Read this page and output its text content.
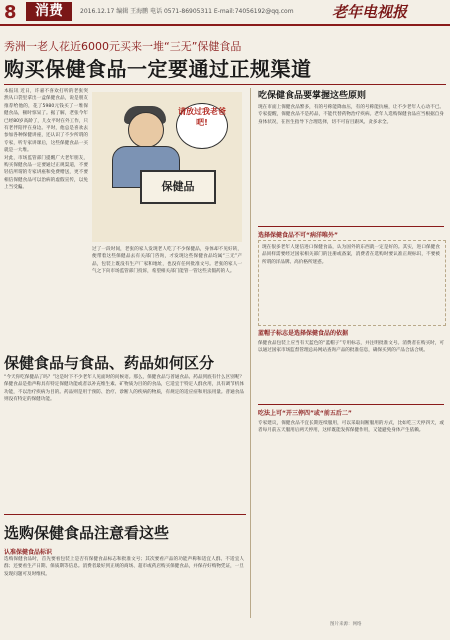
8	消费	2016.12.17 编辑 王海鹏 电话 0571-86905311 E-mail:74056192@qq.com	老年电视报
秀洲一老人花近6000元买来一堆“三无”保健食品
购买保健食品一定要通过正规渠道

本报讯 近日，许嘉不喜欢打听的老张突然从口袋里拿出一盒保健食品，说是朋友推荐给他的，花了5980元钱买了一堆保健食品，顿时惊呆了。据了解，老张今年已经80岁高龄了，儿女平时在外工作，只有老伴陪伴在身边。平时，他总是喜欢去参加各种保健讲座，还认识了不少所谓的专家，听专家讲课后，这些保健食品一买就是一大堆。

对此，市场监管部门提醒广大老年朋友，购买保健食品一定要通过正规渠道，不要轻信所谓的专家讲座和免费赠送，更不要相信保健食品可以治病的虚假宣传，以免上当受骗。	保健品
请放过我老爸吧!

过了一段时间，老张的家人发现老人吃了不少保健品，身体却不见好转，便带着这些保健品去有关部门咨询，才发现这些保健食品均属“三无”产品，包装上既没有生产厂家和地址，也没有任何批准文号。老张的家人一气之下向市场监管部门投诉，希望相关部门能管一管这些卖假药的人。

吃保健食品要掌握这些原则

现在市面上保健食品繁多，有的号称能降血压，有的号称能抗癌，让不少老年人心动不已。专家提醒，保健食品不是药品，不能代替药物治疗疾病。老年人选购保健食品应当根据自身身体状况，在医生指导下合理选择，切不可盲目跟风、贪多求全。

选择保健食品不可“病洋唯外”

现在很多老年人迷信进口保健食品，认为国外的东西就一定是好的。其实，进口保健食品同样需要经过国家相关部门的注册或备案，消费者在选购时要认准正规标识，不要被所谓的洋品牌、高价格所迷惑。

蓝帽子标志是选择保健食品的依据

保健食品包装上应当有天蓝色的“蓝帽子”专用标志，并注明批准文号。消费者在购买时，可以通过国家市场监督管理总局网站查询产品的批准信息，确保买到的产品合法合规。

保健食品与食品、药品如何区分

“今天你吃保健品了吗？”这是时下不少老年人见面时的问候语。那么，保健食品与普通食品、药品到底有什么区别呢？保健食品是指声称具有特定保健功能或者以补充维生素、矿物质为目的的食品，它适宜于特定人群食用，具有调节机体功能，不以治疗疾病为目的。药品则是用于预防、治疗、诊断人的疾病的物质，有规定的适应症和用法用量。普通食品则没有特定的保健功能。

选购保健食品注意看这些
认准保健食品标识

选购保健食品时，首先要看包装上是否有保健食品标志和批准文号；其次要看产品的功能声称和适宜人群、不适宜人群；还要看生产日期、保质期等信息。消费者最好到正规的商场、超市或药店购买保健食品，并保存好购物凭证，一旦发现问题可及时维权。

吃法上可“开三停四”或“前五后二”

专家建议，保健食品不宜长期连续服用，可以采取间断服用的方式，比如吃三天停四天，或者每月前五天服用后两天停用，这样既能发挥保健作用，又能避免身体产生依赖。

图片来源：网络
